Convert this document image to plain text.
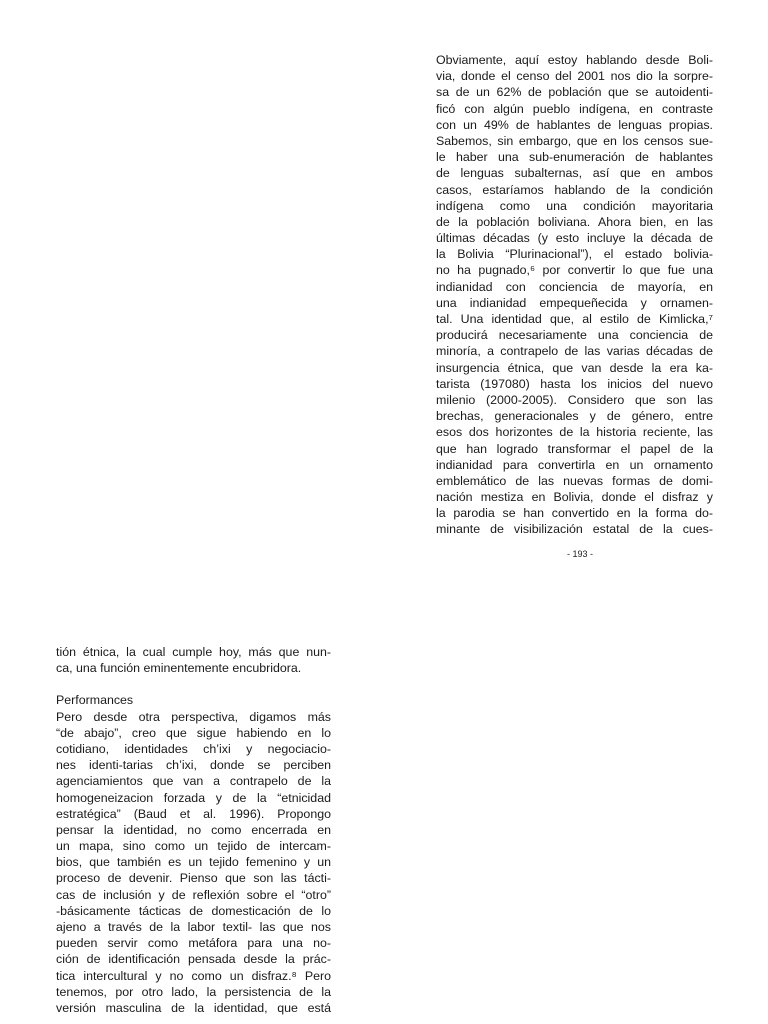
Obviamente, aquí estoy hablando desde Boli-
via, donde el censo del 2001 nos dio la sorpre-
sa de un 62% de población que se autoidenti-
ficó con algún pueblo indígena, en contraste
con un 49% de hablantes de lenguas propias.
Sabemos, sin embargo, que en los censos sue-
le haber una sub-enumeración de hablantes
de lenguas subalternas, así que en ambos
casos, estaríamos hablando de la condición
indígena como una condición mayoritaria
de la población boliviana. Ahora bien, en las
últimas décadas (y esto incluye la década de
la Bolivia “Plurinacional”), el estado bolivia-
no ha pugnado,⁶ por convertir lo que fue una
indianidad con conciencia de mayoría, en
una indianidad empequeñecida y ornamen-
tal. Una identidad que, al estilo de Kimlicka,⁷
producirá necesariamente una conciencia de
minoría, a contrapelo de las varias décadas de
insurgencia étnica, que van desde la era ka-
tarista (197080) hasta los inicios del nuevo
milenio (2000-2005). Considero que son las
brechas, generacionales y de género, entre
esos dos horizontes de la historia reciente, las
que han logrado transformar el papel de la
indianidad para convertirla en un ornamento
emblemático de las nuevas formas de domi-
nación mestiza en Bolivia, donde el disfraz y
la parodia se han convertido en la forma do-
minante de visibilización estatal de la cues-
- 193 -
tión étnica, la cual cumple hoy, más que nun-
ca, una función eminentemente encubridora.
Performances
Pero desde otra perspectiva, digamos más
“de abajo”, creo que sigue habiendo en lo
cotidiano, identidades ch’ixi y negociacio-
nes identi-tarias ch’ixi, donde se perciben
agenciamientos que van a contrapelo de la
homogeneizacion forzada y de la “etnicidad
estratégica” (Baud et al. 1996). Propongo
pensar la identidad, no como encerrada en
un mapa, sino como un tejido de intercam-
bios, que también es un tejido femenino y un
proceso de devenir. Pienso que son las tácti-
cas de inclusión y de reflexión sobre el “otro”
-básicamente tácticas de domesticación de lo
ajeno a través de la labor textil- las que nos
pueden servir como metáfora para una no-
ción de identificación pensada desde la prác-
tica intercultural y no como un disfraz.⁸ Pero
tenemos, por otro lado, la persistencia de la
versión masculina de la identidad, que está
